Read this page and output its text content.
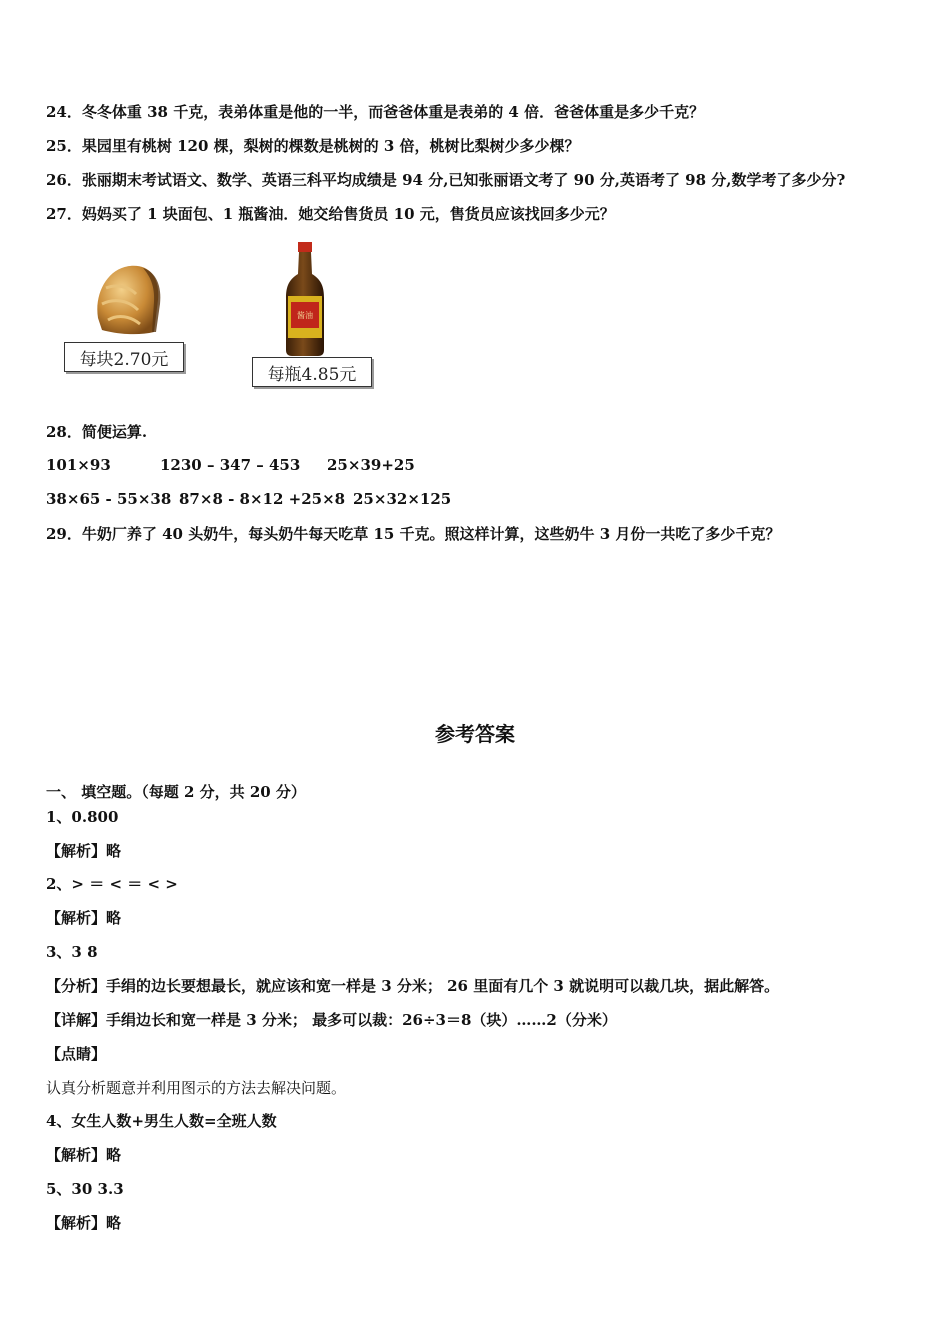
24．冬冬体重 38 千克，表弟体重是他的一半，而爸爸体重是表弟的 4 倍．爸爸体重是多少千克？
25．果园里有桃树 120 棵，梨树的棵数是桃树的 3 倍，桃树比梨树少多少棵？
26．张丽期末考试语文、数学、英语三科平均成绩是 94 分,已知张丽语文考了 90 分,英语考了 98 分,数学考了多少分?
27．妈妈买了 1 块面包、1 瓶酱油．她交给售货员 10 元，售货员应该找回多少元？
每块2.70元
酱油
每瓶4.85元
28．简便运算.
101×93	1230 – 347 – 453 25×39+25
38×65 - 55×38 87×8 - 8×12 +25×8 25×32×125
29．牛奶厂养了 40 头奶牛，每头奶牛每天吃草 15 千克。照这样计算，这些奶牛 3 月份一共吃了多少千克？
参考答案
一、 填空题。（每题 2 分，共 20 分）
1、0.800
【解析】略
2、> ＝ < ＝ < >
【解析】略
3、3 8
【分析】手绢的边长要想最长，就应该和宽一样是 3 分米； 26 里面有几个 3 就说明可以裁几块，据此解答。
【详解】手绢边长和宽一样是 3 分米； 最多可以裁：26÷3＝8（块）……2（分米）
【点睛】
认真分析题意并利用图示的方法去解决问题。
4、女生人数+男生人数=全班人数
【解析】略
5、30 3.3
【解析】略
